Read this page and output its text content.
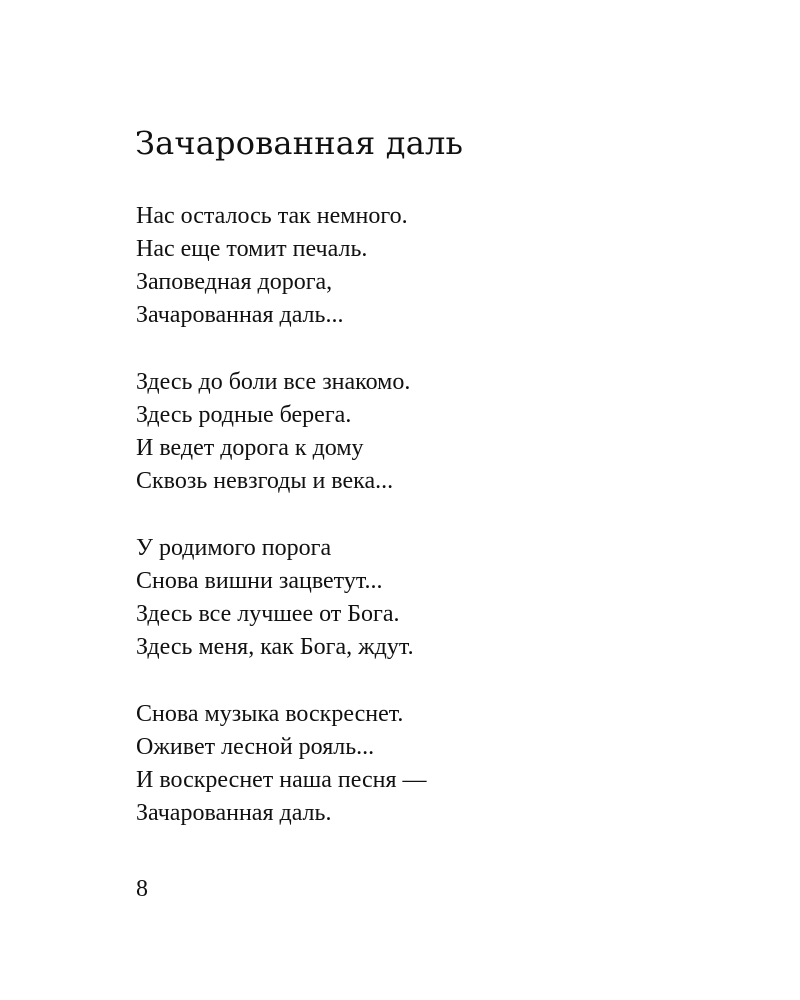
Зачарованная даль
Нас осталось так немного.
Нас еще томит печаль.
Заповедная дорога,
Зачарованная даль...
Здесь до боли все знакомо.
Здесь родные берега.
И ведет дорога к дому
Сквозь невзгоды и века...
У родимого порога
Снова вишни зацветут...
Здесь все лучшее от Бога.
Здесь меня, как Бога, ждут.
Снова музыка воскреснет.
Оживет лесной рояль...
И воскреснет наша песня —
Зачарованная даль.
8
